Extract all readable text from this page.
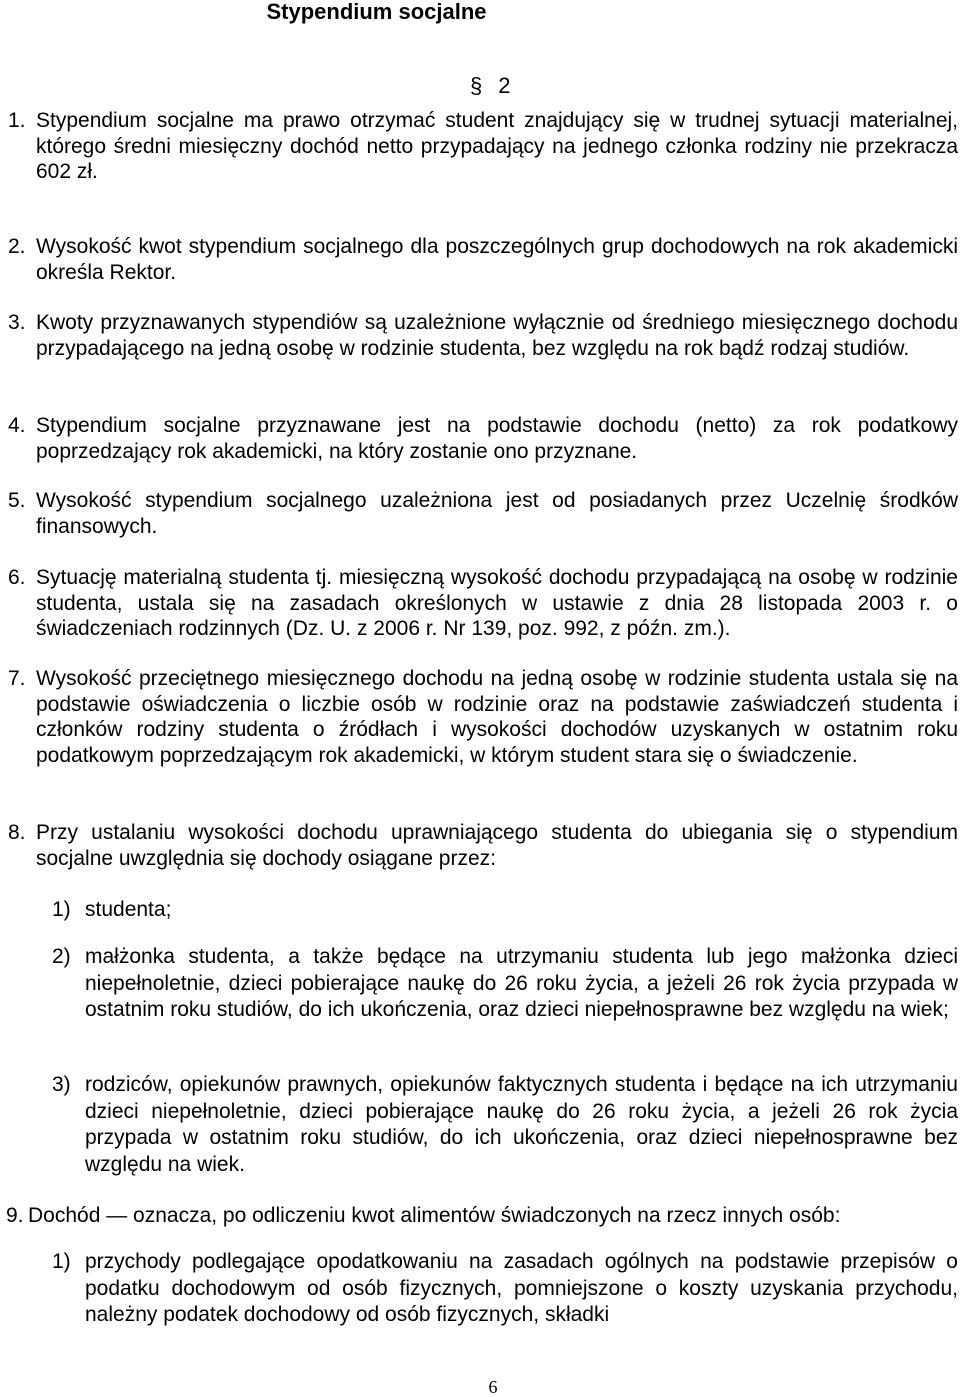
Stypendium socjalne
§ 2
1. Stypendium socjalne ma prawo otrzymać student znajdujący się w trudnej sytuacji materialnej, którego średni miesięczny dochód netto przypadający na jednego członka rodziny nie przekracza 602 zł.
2. Wysokość kwot stypendium socjalnego dla poszczególnych grup dochodowych na rok akademicki określa Rektor.
3. Kwoty przyznawanych stypendiów są uzależnione wyłącznie od średniego miesięcznego dochodu przypadającego na jedną osobę w rodzinie studenta, bez względu na rok bądź rodzaj studiów.
4. Stypendium socjalne przyznawane jest na podstawie dochodu (netto) za rok podatkowy poprzedzający rok akademicki, na który zostanie ono przyznane.
5. Wysokość stypendium socjalnego uzależniona jest od posiadanych przez Uczelnię środków finansowych.
6. Sytuację materialną studenta tj. miesięczną wysokość dochodu przypadającą na osobę w rodzinie studenta, ustala się na zasadach określonych w ustawie z dnia 28 listopada 2003 r. o świadczeniach rodzinnych (Dz. U. z 2006 r. Nr 139, poz. 992, z późn. zm.).
7. Wysokość przeciętnego miesięcznego dochodu na jedną osobę w rodzinie studenta ustala się na podstawie oświadczenia o liczbie osób w rodzinie oraz na podstawie zaświadczeń studenta i członków rodziny studenta o źródłach i wysokości dochodów uzyskanych w ostatnim roku podatkowym poprzedzającym rok akademicki, w którym student stara się o świadczenie.
8. Przy ustalaniu wysokości dochodu uprawniającego studenta do ubiegania się o stypendium socjalne uwzględnia się dochody osiągane przez:
1) studenta;
2) małżonka studenta, a także będące na utrzymaniu studenta lub jego małżonka dzieci niepełnoletnie, dzieci pobierające naukę do 26 roku życia, a jeżeli 26 rok życia przypada w ostatnim roku studiów, do ich ukończenia, oraz dzieci niepełnosprawne bez względu na wiek;
3) rodziców, opiekunów prawnych, opiekunów faktycznych studenta i będące na ich utrzymaniu dzieci niepełnoletnie, dzieci pobierające naukę do 26 roku życia, a jeżeli 26 rok życia przypada w ostatnim roku studiów, do ich ukończenia, oraz dzieci niepełnosprawne bez względu na wiek.
9. Dochód — oznacza, po odliczeniu kwot alimentów świadczonych na rzecz innych osób:
1) przychody podlegające opodatkowaniu na zasadach ogólnych na podstawie przepisów o podatku dochodowym od osób fizycznych, pomniejszone o koszty uzyskania przychodu, należny podatek dochodowy od osób fizycznych, składki
6
